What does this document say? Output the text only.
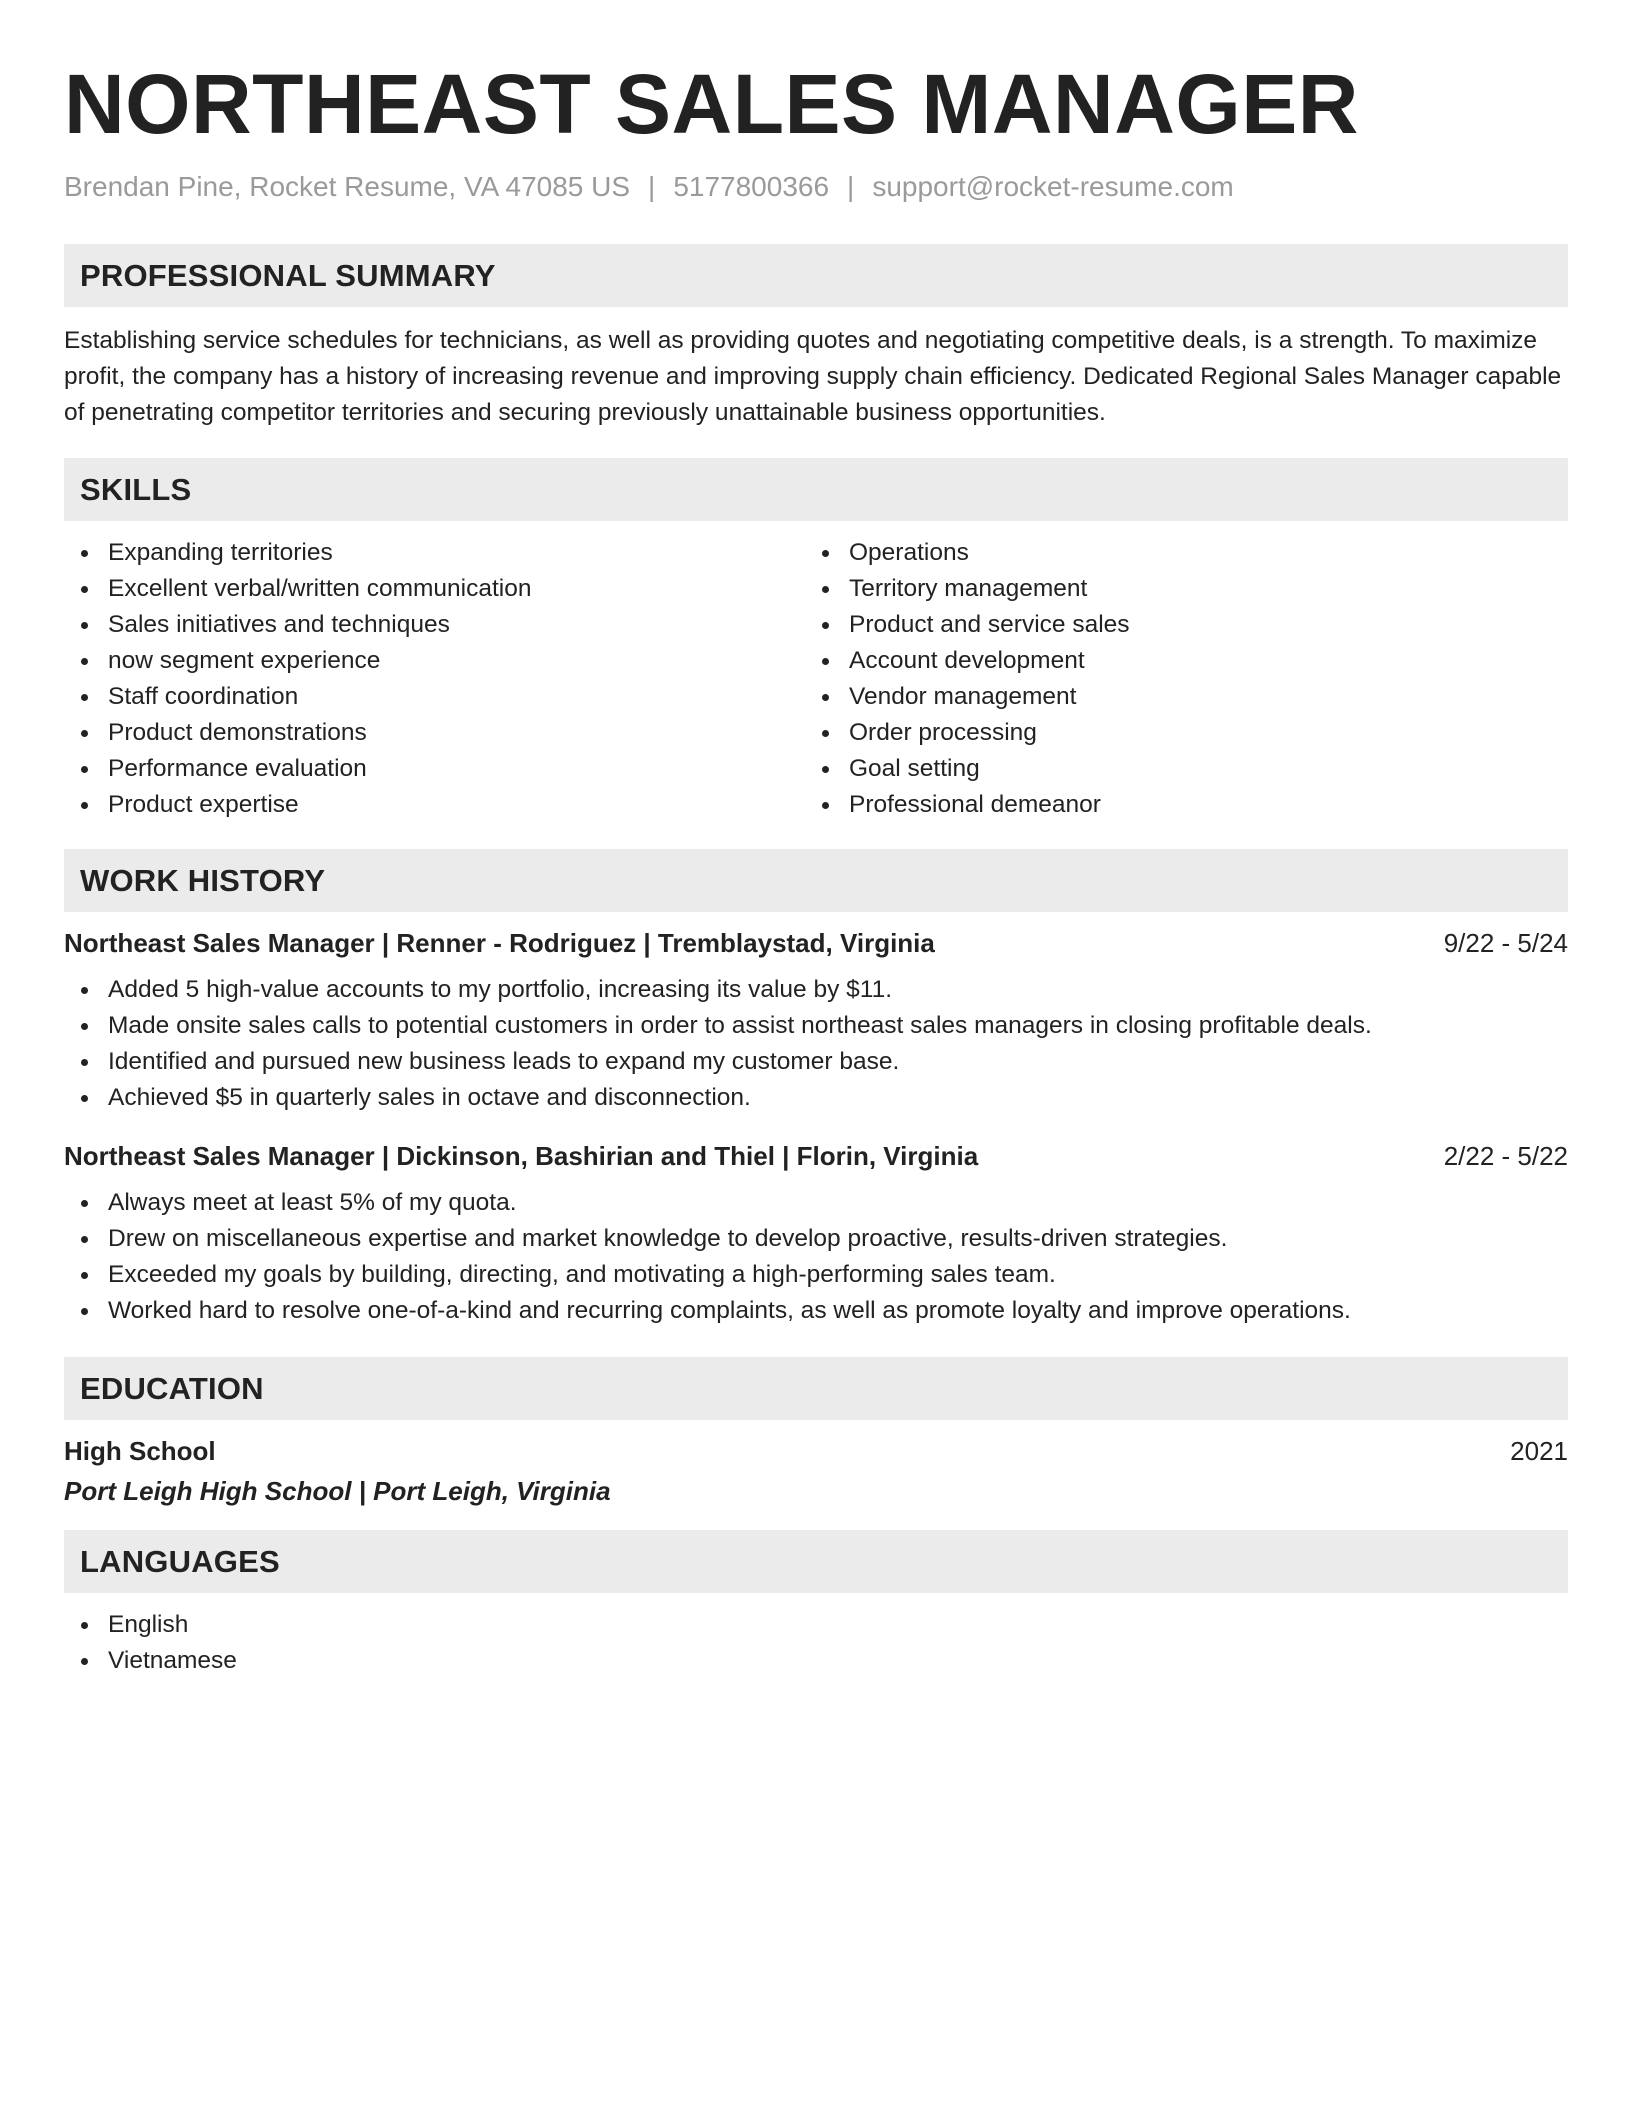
NORTHEAST SALES MANAGER
Brendan Pine, Rocket Resume, VA 47085 US | 5177800366 | support@rocket-resume.com
PROFESSIONAL SUMMARY

Establishing service schedules for technicians, as well as providing quotes and negotiating competitive deals, is a strength. To maximize profit, the company has a history of increasing revenue and improving supply chain efficiency. Dedicated Regional Sales Manager capable of penetrating competitor territories and securing previously unattainable business opportunities.

SKILLS
Expanding territories
Excellent verbal/written communication
Sales initiatives and techniques
now segment experience
Staff coordination
Product demonstrations
Performance evaluation
Product expertise
Operations
Territory management
Product and service sales
Account development
Vendor management
Order processing
Goal setting
Professional demeanor
WORK HISTORY
Northeast Sales Manager | Renner - Rodriguez | Tremblaystad, Virginia	9/22 - 5/24
Added 5 high-value accounts to my portfolio, increasing its value by $11.
Made onsite sales calls to potential customers in order to assist northeast sales managers in closing profitable deals.
Identified and pursued new business leads to expand my customer base.
Achieved $5 in quarterly sales in octave and disconnection.
Northeast Sales Manager | Dickinson, Bashirian and Thiel | Florin, Virginia	2/22 - 5/22
Always meet at least 5% of my quota.
Drew on miscellaneous expertise and market knowledge to develop proactive, results-driven strategies.
Exceeded my goals by building, directing, and motivating a high-performing sales team.
Worked hard to resolve one-of-a-kind and recurring complaints, as well as promote loyalty and improve operations.
EDUCATION
High School	2021
Port Leigh High School | Port Leigh, Virginia
LANGUAGES
English
Vietnamese
